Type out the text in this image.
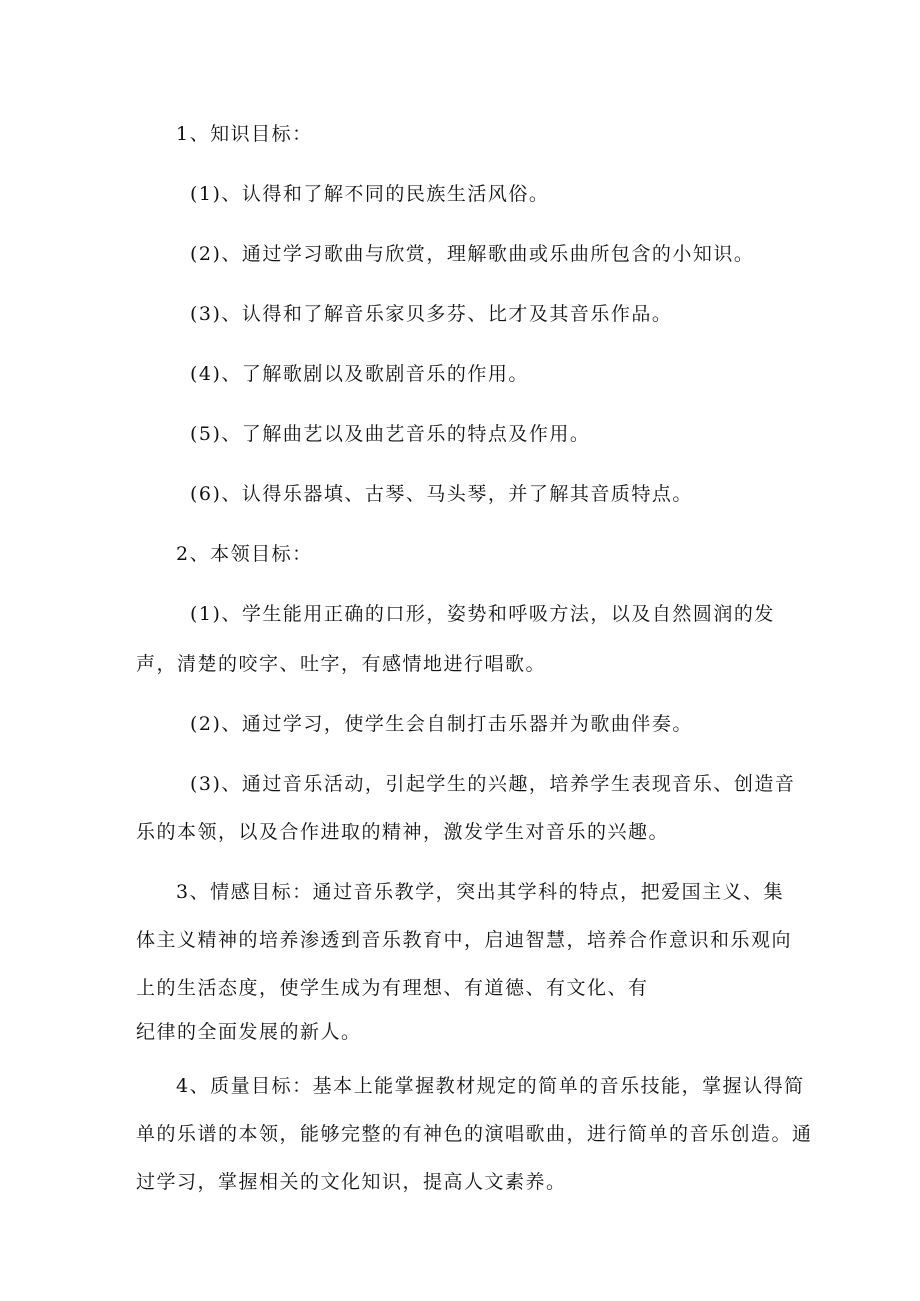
1、知识目标：
(1)、认得和了解不同的民族生活风俗。
(2)、通过学习歌曲与欣赏，理解歌曲或乐曲所包含的小知识。
(3)、认得和了解音乐家贝多芬、比才及其音乐作品。
(4)、了解歌剧以及歌剧音乐的作用。
(5)、了解曲艺以及曲艺音乐的特点及作用。
(6)、认得乐器填、古琴、马头琴，并了解其音质特点。
2、本领目标：
(1)、学生能用正确的口形，姿势和呼吸方法，以及自然圆润的发
声，清楚的咬字、吐字，有感情地进行唱歌。
(2)、通过学习，使学生会自制打击乐器并为歌曲伴奏。
(3)、通过音乐活动，引起学生的兴趣，培养学生表现音乐、创造音
乐的本领，以及合作进取的精神，激发学生对音乐的兴趣。
3、情感目标：通过音乐教学，突出其学科的特点，把爱国主义、集
体主义精神的培养渗透到音乐教育中，启迪智慧，培养合作意识和乐观向
上的生活态度，使学生成为有理想、有道德、有文化、有
纪律的全面发展的新人。
4、质量目标：基本上能掌握教材规定的简单的音乐技能，掌握认得简
单的乐谱的本领，能够完整的有神色的演唱歌曲，进行简单的音乐创造。通
过学习，掌握相关的文化知识，提高人文素养。
